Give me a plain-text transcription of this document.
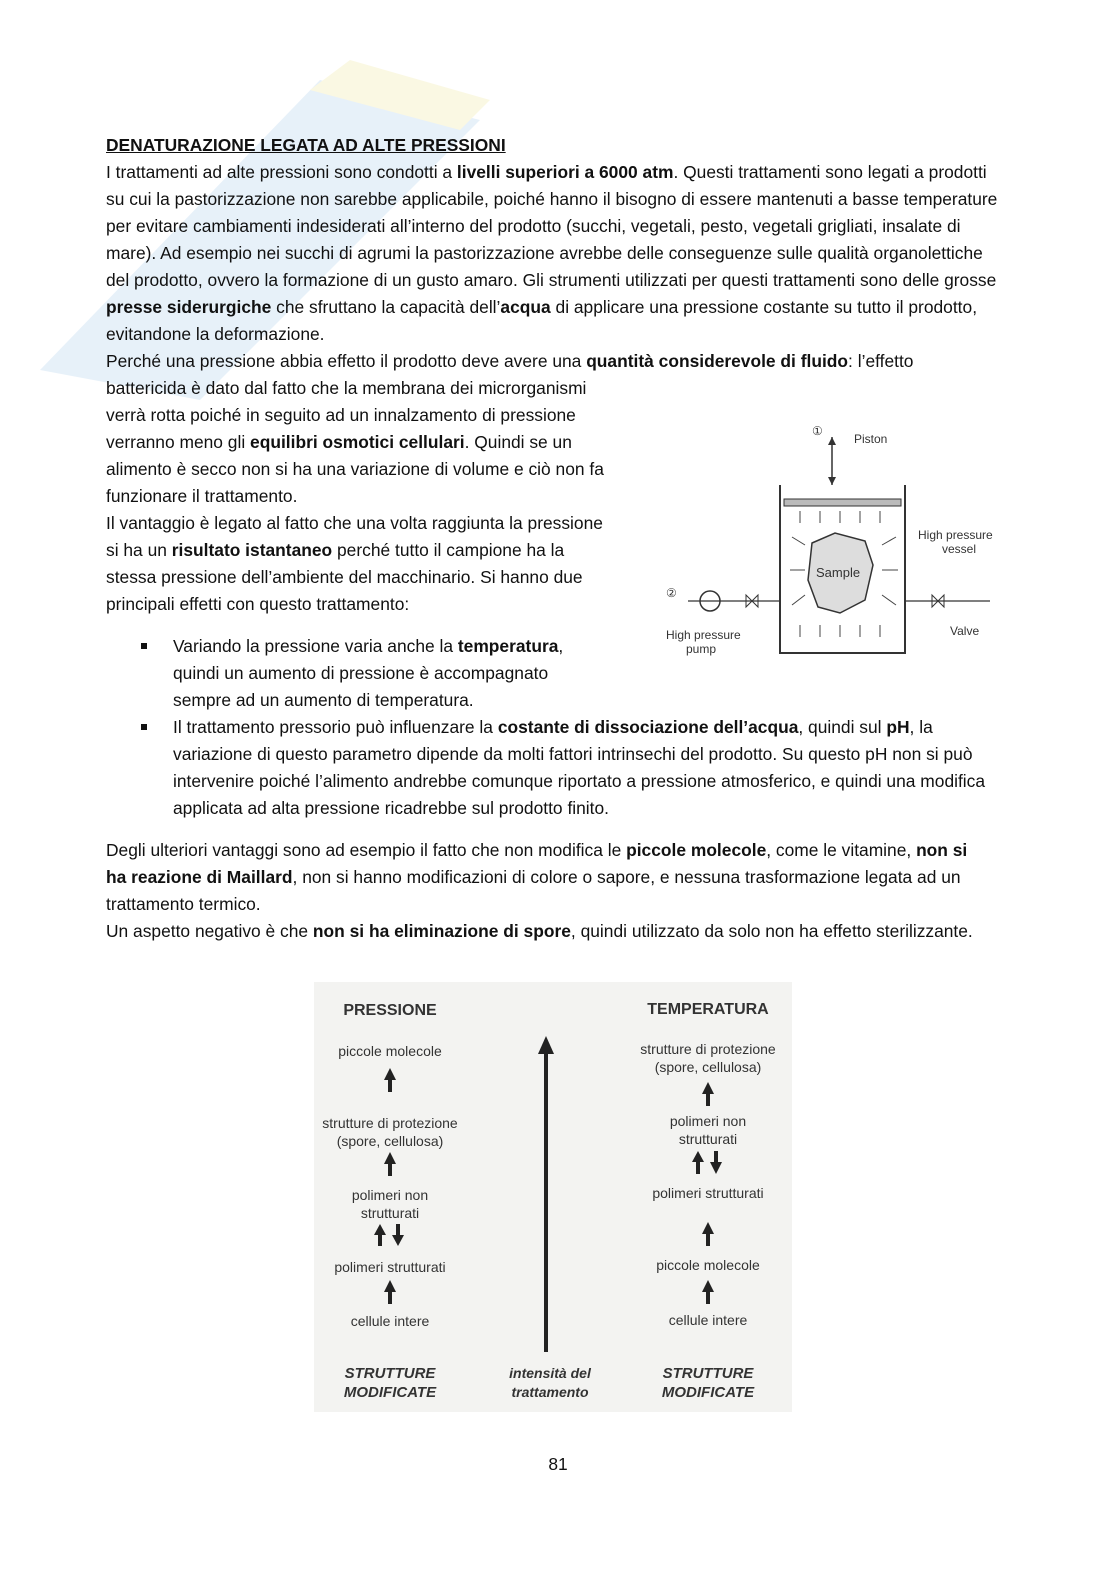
DENATURAZIONE LEGATA AD ALTE PRESSIONI

I trattamenti ad alte pressioni sono condotti a livelli superiori a 6000 atm. Questi trattamenti sono legati a prodotti su cui la pastorizzazione non sarebbe applicabile, poiché hanno il bisogno di essere mantenuti a basse temperature per evitare cambiamenti indesiderati all’interno del prodotto (succhi, vegetali, pesto, vegetali grigliati, insalate di mare). Ad esempio nei succhi di agrumi la pastorizzazione avrebbe delle conseguenze sulle qualità organolettiche del prodotto, ovvero la formazione di un gusto amaro. Gli strumenti utilizzati per questi trattamenti sono delle grosse presse siderurgiche che sfruttano la capacità dell’acqua di applicare una pressione costante su tutto il prodotto, evitandone la deformazione.

Perché una pressione abbia effetto il prodotto deve avere una quantità considerevole di fluido: l’effetto

battericida è dato dal fatto che la membrana dei microrganismi
verrà rotta poiché in seguito ad un innalzamento di pressione
verranno meno gli equilibri osmotici cellulari. Quindi se un
alimento è secco non si ha una variazione di volume e ciò non fa
funzionare il trattamento.
Il vantaggio è legato al fatto che una volta raggiunta la pressione
si ha un risultato istantaneo perché tutto il campione ha la
stessa pressione dell’ambiente del macchinario. Si hanno due
principali effetti con questo trattamento:
Variando la pressione varia anche la temperatura,
quindi un aumento di pressione è accompagnato
sempre ad un aumento di temperatura.
Il trattamento pressorio può influenzare la costante di dissociazione dell’acqua, quindi sul pH, la variazione di questo parametro dipende da molti fattori intrinsechi del prodotto. Su questo pH non si può intervenire poiché l’alimento andrebbe comunque riportato a pressione atmosferico, e quindi una modifica applicata ad alta pressione ricadrebbe sul prodotto finito.

Degli ulteriori vantaggi sono ad esempio il fatto che non modifica le piccole molecole, come le vitamine, non si ha reazione di Maillard, non si hanno modificazioni di colore o sapore, e nessuna trasformazione legata ad un trattamento termico.

Un aspetto negativo è che non si ha eliminazione di spore, quindi utilizzato da solo non ha effetto sterilizzante.

①
Piston
Sample
High pressure
vessel
②
High pressure
pump
Valve
PRESSIONE	TEMPERATURA
piccole molecole
strutture di protezione
(spore, cellulosa)
polimeri non
strutturati
polimeri strutturati
cellule intere
strutture di protezione
(spore, cellulosa)
polimeri non
strutturati
polimeri strutturati
piccole molecole
cellule intere
STRUTTURE
MODIFICATE
intensità del
trattamento
STRUTTURE
MODIFICATE
81
